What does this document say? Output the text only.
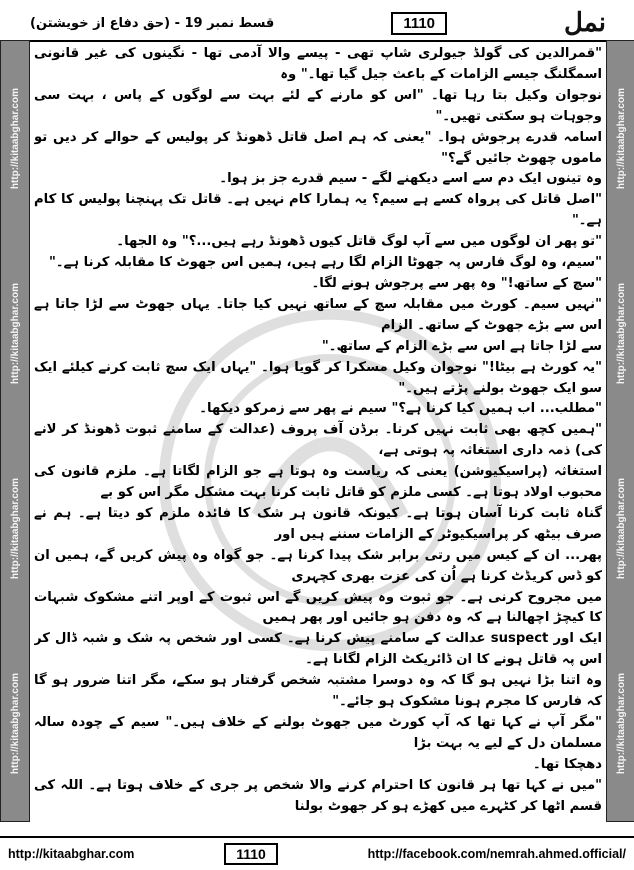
قسط نمبر 19 - (حق دفاع از خویشتن)	1110	نمل
http://kitaabghar.com
http://kitaabghar.com
http://kitaabghar.com
http://kitaabghar.com
http://kitaabghar.com
http://kitaabghar.com
http://kitaabghar.com
http://kitaabghar.com

"قمرالدین کی گولڈ جیولری شاپ تھی - پیسے والا آدمی تھا - نگینوں کی غیر قانونی اسمگلنگ جیسے الزامات کے باعث جیل گیا تھا۔" وہ

نوجوان وکیل بتا رہا تھا۔ "اس کو مارنے کے لئے بہت سے لوگوں کے پاس ، بہت سی وجوہات ہو سکتی تھیں۔"

اسامہ قدرے پرجوش ہوا۔ "یعنی کہ ہم اصل قاتل ڈھونڈ کر پولیس کے حوالے کر دیں تو ماموں چھوٹ جائیں گے؟"

وہ تینوں ایک دم سے اسے دیکھنے لگے - سیم قدرے جز بز ہوا۔

"اصل قاتل کی پرواہ کسے ہے سیم؟ یہ ہمارا کام نہیں ہے۔ قاتل تک پہنچنا پولیس کا کام ہے۔"

"تو پھر ان لوگوں میں سے آپ لوگ قاتل کیوں ڈھونڈ رہے ہیں...؟" وہ الجھا۔

"سیم، وہ لوگ فارس پہ جھوٹا الزام لگا رہے ہیں، ہمیں اس جھوٹ کا مقابلہ کرنا ہے۔"

"سچ کے ساتھ!" وہ پھر سے پرجوش ہونے لگا۔

"نہیں سیم۔ کورٹ میں مقابلہ سچ کے ساتھ نہیں کیا جاتا۔ یہاں جھوٹ سے لڑا جاتا ہے اس سے بڑے جھوٹ کے ساتھ۔ الزام

سے لڑا جاتا ہے اس سے بڑے الزام کے ساتھ۔"

"یہ کورٹ ہے بیٹا!" نوجوان وکیل مسکرا کر گویا ہوا۔ "یہاں ایک سچ ثابت کرنے کیلئے ایک سو ایک جھوٹ بولنے پڑتے ہیں۔"

"مطلب... اب ہمیں کیا کرنا ہے؟" سیم نے پھر سے زمرکو دیکھا۔

"ہمیں کچھ بھی ثابت نہیں کرنا۔ برڈن آف پروف (عدالت کے سامنے ثبوت ڈھونڈ کر لانے کی) ذمہ داری استغاثہ پہ ہوتی ہے،

استغاثہ (پراسیکیوشن) یعنی کہ ریاست وہ ہوتا ہے جو الزام لگاتا ہے۔ ملزم قانون کی محبوب اولاد ہوتا ہے۔ کسی ملزم کو قاتل ثابت کرنا بہت مشکل مگر اس کو بے

گناہ ثابت کرنا آسان ہوتا ہے۔ کیونکہ قانون ہر شک کا فائدہ ملزم کو دیتا ہے۔ ہم نے صرف بیٹھ کر پراسیکیوٹر کے الزامات سننے ہیں اور

پھر... ان کے کیس میں رتی برابر شک پیدا کرنا ہے۔ جو گواہ وہ پیش کریں گے، ہمیں ان کو ڈس کریڈٹ کرنا ہے اُن کی عزت بھری کچہری

میں مجروح کرنی ہے۔ جو ثبوت وہ پیش کریں گے اس ثبوت کے اوپر اتنے مشکوک شبہات کا کیچڑ اچھالنا ہے کہ وہ دفن ہو جائیں اور پھر ہمیں

ایک اور suspect عدالت کے سامنے پیش کرنا ہے۔ کسی اور شخص پہ شک و شبہ ڈال کر اس پہ قاتل ہونے کا ان ڈائریکٹ الزام لگانا ہے۔

وہ اتنا بڑا نہیں ہو گا کہ وہ دوسرا مشتبہ شخص گرفتار ہو سکے، مگر اتنا ضرور ہو گا کہ فارس کا مجرم ہونا مشکوک ہو جائے۔"

"مگر آپ نے کہا تھا کہ آپ کورٹ میں جھوٹ بولنے کے خلاف ہیں۔" سیم کے چودہ سالہ مسلمان دل کے لیے یہ بہت بڑا

دھچکا تھا۔

"میں نے کہا تھا ہر قانون کا احترام کرنے والا شخص پر جری کے خلاف ہوتا ہے۔ اللہ کی قسم اٹھا کر کٹہرے میں کھڑے ہو کر جھوٹ بولنا

http://kitaabghar.com	1110	http://facebook.com/nemrah.ahmed.official/
